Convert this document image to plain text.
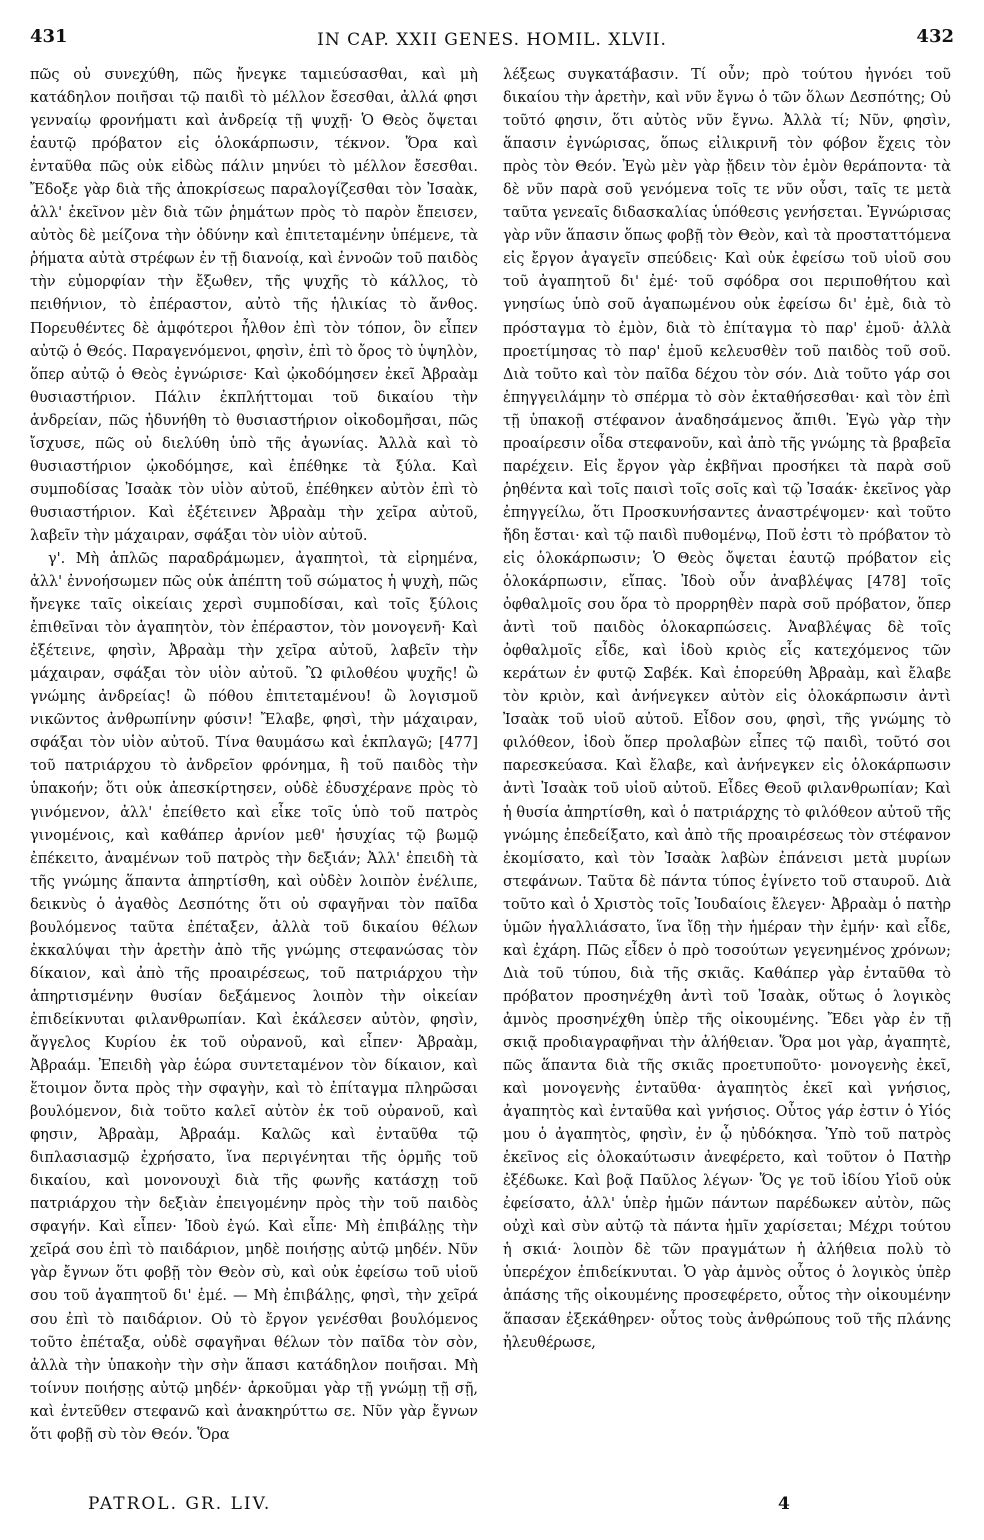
431	IN CAP. XXII GENES. HOMIL. XLVII.	432

πῶς οὐ συνεχύθη, πῶς ἤνεγκε ταμιεύσασθαι, καὶ μὴ κατάδηλον ποιῆσαι τῷ παιδὶ τὸ μέλλον ἔσεσθαι, ἀλλά φησι γενναίῳ φρονήματι καὶ ἀνδρείᾳ τῇ ψυχῇ· Ὁ Θεὸς ὄψεται ἑαυτῷ πρόβατον εἰς ὁλοκάρπωσιν, τέκνον. Ὅρα καὶ ἐνταῦθα πῶς οὐκ εἰδὼς πάλιν μηνύει τὸ μέλλον ἔσεσθαι. Ἔδοξε γὰρ διὰ τῆς ἀποκρίσεως παραλογίζεσθαι τὸν Ἰσαὰκ, ἀλλ' ἐκεῖνον μὲν διὰ τῶν ῥημάτων πρὸς τὸ παρὸν ἔπεισεν, αὐτὸς δὲ μείζονα τὴν ὀδύνην καὶ ἐπιτεταμένην ὑπέμενε, τὰ ῥήματα αὐτὰ στρέφων ἐν τῇ διανοίᾳ, καὶ ἐννοῶν τοῦ παιδὸς τὴν εὐμορφίαν τὴν ἔξωθεν, τῆς ψυχῆς τὸ κάλλος, τὸ πειθήνιον, τὸ ἐπέραστον, αὐτὸ τῆς ἡλικίας τὸ ἄνθος. Πορευθέντες δὲ ἀμφότεροι ἦλθον ἐπὶ τὸν τόπον, ὃν εἶπεν αὐτῷ ὁ Θεός. Παραγενόμενοι, φησὶν, ἐπὶ τὸ ὄρος τὸ ὑψηλὸν, ὅπερ αὐτῷ ὁ Θεὸς ἐγνώρισε· Καὶ ᾠκοδόμησεν ἐκεῖ Ἀβραὰμ θυσιαστήριον. Πάλιν ἐκπλήττομαι τοῦ δικαίου τὴν ἀνδρείαν, πῶς ἠδυνήθη τὸ θυσιαστήριον οἰκοδομῆσαι, πῶς ἴσχυσε, πῶς οὐ διελύθη ὑπὸ τῆς ἀγωνίας. Ἀλλὰ καὶ τὸ θυσιαστήριον ᾠκοδόμησε, καὶ ἐπέθηκε τὰ ξύλα. Καὶ συμποδίσας Ἰσαὰκ τὸν υἱὸν αὐτοῦ, ἐπέθηκεν αὐτὸν ἐπὶ τὸ θυσιαστήριον. Καὶ ἐξέτεινεν Ἀβραὰμ τὴν χεῖρα αὐτοῦ, λαβεῖν τὴν μάχαιραν, σφάξαι τὸν υἱὸν αὐτοῦ.

γ'. Μὴ ἁπλῶς παραδράμωμεν, ἀγαπητοὶ, τὰ εἰρημένα, ἀλλ' ἐννοήσωμεν πῶς οὐκ ἀπέπτη τοῦ σώματος ἡ ψυχὴ, πῶς ἤνεγκε ταῖς οἰκείαις χερσὶ συμποδίσαι, καὶ τοῖς ξύλοις ἐπιθεῖναι τὸν ἀγαπητὸν, τὸν ἐπέραστον, τὸν μονογενῆ· Καὶ ἐξέτεινε, φησὶν, Ἀβραὰμ τὴν χεῖρα αὐτοῦ, λαβεῖν τὴν μάχαιραν, σφάξαι τὸν υἱὸν αὐτοῦ. Ὢ φιλοθέου ψυχῆς! ὢ γνώμης ἀνδρείας! ὢ πόθου ἐπιτεταμένου! ὢ λογισμοῦ νικῶντος ἀνθρωπίνην φύσιν! Ἔλαβε, φησὶ, τὴν μάχαιραν, σφάξαι τὸν υἱὸν αὐτοῦ. Τίνα θαυμάσω καὶ ἐκπλαγῶ; [477] τοῦ πατριάρχου τὸ ἀνδρεῖον φρόνημα, ἢ τοῦ παιδὸς τὴν ὑπακοήν; ὅτι οὐκ ἀπεσκίρτησεν, οὐδὲ ἐδυσχέρανε πρὸς τὸ γινόμενον, ἀλλ' ἐπείθετο καὶ εἶκε τοῖς ὑπὸ τοῦ πατρὸς γινομένοις, καὶ καθάπερ ἀρνίον μεθ' ἡσυχίας τῷ βωμῷ ἐπέκειτο, ἀναμένων τοῦ πατρὸς τὴν δεξιάν; Ἀλλ' ἐπειδὴ τὰ τῆς γνώμης ἅπαντα ἀπηρτίσθη, καὶ οὐδὲν λοιπὸν ἐνέλιπε, δεικνὺς ὁ ἀγαθὸς Δεσπότης ὅτι οὐ σφαγῆναι τὸν παῖδα βουλόμενος ταῦτα ἐπέταξεν, ἀλλὰ τοῦ δικαίου θέλων ἐκκαλύψαι τὴν ἀρετὴν ἀπὸ τῆς γνώμης στεφανώσας τὸν δίκαιον, καὶ ἀπὸ τῆς προαιρέσεως, τοῦ πατριάρχου τὴν ἀπηρτισμένην θυσίαν δεξάμενος λοιπὸν τὴν οἰκείαν ἐπιδείκνυται φιλανθρωπίαν. Καὶ ἐκάλεσεν αὐτὸν, φησὶν, ἄγγελος Κυρίου ἐκ τοῦ οὐρανοῦ, καὶ εἶπεν· Ἀβραὰμ, Ἀβραάμ. Ἐπειδὴ γὰρ ἑώρα συντεταμένον τὸν δίκαιον, καὶ ἕτοιμον ὄντα πρὸς τὴν σφαγὴν, καὶ τὸ ἐπίταγμα πληρῶσαι βουλόμενον, διὰ τοῦτο καλεῖ αὐτὸν ἐκ τοῦ οὐρανοῦ, καὶ φησιν, Ἀβραὰμ, Ἀβραάμ. Καλῶς καὶ ἐνταῦθα τῷ διπλασιασμῷ ἐχρήσατο, ἵνα περιγένηται τῆς ὁρμῆς τοῦ δικαίου, καὶ μονονουχὶ διὰ τῆς φωνῆς κατάσχῃ τοῦ πατριάρχου τὴν δεξιὰν ἐπειγομένην πρὸς τὴν τοῦ παιδὸς σφαγήν. Καὶ εἶπεν· Ἰδοὺ ἐγώ. Καὶ εἶπε· Μὴ ἐπιβάλῃς τὴν χεῖρά σου ἐπὶ τὸ παιδάριον, μηδὲ ποιήσῃς αὐτῷ μηδέν. Νῦν γὰρ ἔγνων ὅτι φοβῇ τὸν Θεὸν σὺ, καὶ οὐκ ἐφείσω τοῦ υἱοῦ σου τοῦ ἀγαπητοῦ δι' ἐμέ. — Μὴ ἐπιβάλῃς, φησὶ, τὴν χεῖρά σου ἐπὶ τὸ παιδάριον. Οὐ τὸ ἔργον γενέσθαι βουλόμενος τοῦτο ἐπέταξα, οὐδὲ σφαγῆναι θέλων τὸν παῖδα τὸν σὸν, ἀλλὰ τὴν ὑπακοὴν τὴν σὴν ἅπασι κατάδηλον ποιῆσαι. Μὴ τοίνυν ποιήσῃς αὐτῷ μηδέν· ἀρκοῦμαι γὰρ τῇ γνώμῃ τῇ σῇ, καὶ ἐντεῦθεν στεφανῶ καὶ ἀνακηρύττω σε. Νῦν γὰρ ἔγνων ὅτι φοβῇ σὺ τὸν Θεόν. Ὅρα

λέξεως συγκατάβασιν. Τί οὖν; πρὸ τούτου ἠγνόει τοῦ δικαίου τὴν ἀρετὴν, καὶ νῦν ἔγνω ὁ τῶν ὅλων Δεσπότης; Οὐ τοῦτό φησιν, ὅτι αὐτὸς νῦν ἔγνω. Ἀλλὰ τί; Νῦν, φησὶν, ἅπασιν ἐγνώρισας, ὅπως εἰλικρινῆ τὸν φόβον ἔχεις τὸν πρὸς τὸν Θεόν. Ἐγὼ μὲν γὰρ ᾔδειν τὸν ἐμὸν θεράποντα· τὰ δὲ νῦν παρὰ σοῦ γενόμενα τοῖς τε νῦν οὖσι, ταῖς τε μετὰ ταῦτα γενεαῖς διδασκαλίας ὑπόθεσις γενήσεται. Ἐγνώρισας γὰρ νῦν ἅπασιν ὅπως φοβῇ τὸν Θεὸν, καὶ τὰ προσταττόμενα εἰς ἔργον ἀγαγεῖν σπεύδεις· Καὶ οὐκ ἐφείσω τοῦ υἱοῦ σου τοῦ ἀγαπητοῦ δι' ἐμέ· τοῦ σφόδρα σοι περιποθήτου καὶ γνησίως ὑπὸ σοῦ ἀγαπωμένου οὐκ ἐφείσω δι' ἐμὲ, διὰ τὸ πρόσταγμα τὸ ἐμὸν, διὰ τὸ ἐπίταγμα τὸ παρ' ἐμοῦ· ἀλλὰ προετίμησας τὸ παρ' ἐμοῦ κελευσθὲν τοῦ παιδὸς τοῦ σοῦ. Διὰ τοῦτο καὶ τὸν παῖδα δέχου τὸν σόν. Διὰ τοῦτο γάρ σοι ἐπηγγειλάμην τὸ σπέρμα τὸ σὸν ἐκταθήσεσθαι· καὶ τὸν ἐπὶ τῇ ὑπακοῇ στέφανον ἀναδησάμενος ἄπιθι. Ἐγὼ γὰρ τὴν προαίρεσιν οἶδα στεφανοῦν, καὶ ἀπὸ τῆς γνώμης τὰ βραβεῖα παρέχειν. Εἰς ἔργον γὰρ ἐκβῆναι προσήκει τὰ παρὰ σοῦ ῥηθέντα καὶ τοῖς παισὶ τοῖς σοῖς καὶ τῷ Ἰσαάκ· ἐκεῖνος γὰρ ἐπηγγείλω, ὅτι Προσκυνήσαντες ἀναστρέψομεν· καὶ τοῦτο ἤδη ἔσται· καὶ τῷ παιδὶ πυθομένῳ, Ποῦ ἐστι τὸ πρόβατον τὸ εἰς ὁλοκάρπωσιν; Ὁ Θεὸς ὄψεται ἑαυτῷ πρόβατον εἰς ὁλοκάρπωσιν, εἴπας. Ἰδοὺ οὖν ἀναβλέψας [478] τοῖς ὀφθαλμοῖς σου ὅρα τὸ προρρηθὲν παρὰ σοῦ πρόβατον, ὅπερ ἀντὶ τοῦ παιδὸς ὁλοκαρπώσεις. Ἀναβλέψας δὲ τοῖς ὀφθαλμοῖς εἶδε, καὶ ἰδοὺ κριὸς εἷς κατεχόμενος τῶν κεράτων ἐν φυτῷ Σαβέκ. Καὶ ἐπορεύθη Ἀβραὰμ, καὶ ἔλαβε τὸν κριὸν, καὶ ἀνήνεγκεν αὐτὸν εἰς ὁλοκάρπωσιν ἀντὶ Ἰσαὰκ τοῦ υἱοῦ αὐτοῦ. Εἶδον σου, φησὶ, τῆς γνώμης τὸ φιλόθεον, ἰδοὺ ὅπερ προλαβὼν εἶπες τῷ παιδὶ, τοῦτό σοι παρεσκεύασα. Καὶ ἔλαβε, καὶ ἀνήνεγκεν εἰς ὁλοκάρπωσιν ἀντὶ Ἰσαὰκ τοῦ υἱοῦ αὐτοῦ. Εἶδες Θεοῦ φιλανθρωπίαν; Καὶ ἡ θυσία ἀπηρτίσθη, καὶ ὁ πατριάρχης τὸ φιλόθεον αὐτοῦ τῆς γνώμης ἐπεδείξατο, καὶ ἀπὸ τῆς προαιρέσεως τὸν στέφανον ἐκομίσατο, καὶ τὸν Ἰσαὰκ λαβὼν ἐπάνεισι μετὰ μυρίων στεφάνων. Ταῦτα δὲ πάντα τύπος ἐγίνετο τοῦ σταυροῦ. Διὰ τοῦτο καὶ ὁ Χριστὸς τοῖς Ἰουδαίοις ἔλεγεν· Ἀβραὰμ ὁ πατὴρ ὑμῶν ἠγαλλιάσατο, ἵνα ἴδῃ τὴν ἡμέραν τὴν ἐμήν· καὶ εἶδε, καὶ ἐχάρη. Πῶς εἶδεν ὁ πρὸ τοσούτων γεγενημένος χρόνων; Διὰ τοῦ τύπου, διὰ τῆς σκιᾶς. Καθάπερ γὰρ ἐνταῦθα τὸ πρόβατον προσηνέχθη ἀντὶ τοῦ Ἰσαὰκ, οὕτως ὁ λογικὸς ἀμνὸς προσηνέχθη ὑπὲρ τῆς οἰκουμένης. Ἔδει γὰρ ἐν τῇ σκιᾷ προδιαγραφῆναι τὴν ἀλήθειαν. Ὅρα μοι γὰρ, ἀγαπητὲ, πῶς ἅπαντα διὰ τῆς σκιᾶς προετυποῦτο· μονογενὴς ἐκεῖ, καὶ μονογενὴς ἐνταῦθα· ἀγαπητὸς ἐκεῖ καὶ γνήσιος, ἀγαπητὸς καὶ ἐνταῦθα καὶ γνήσιος. Οὗτος γάρ ἐστιν ὁ Υἱός μου ὁ ἀγαπητὸς, φησὶν, ἐν ᾧ ηὐδόκησα. Ὑπὸ τοῦ πατρὸς ἐκεῖνος εἰς ὁλοκαύτωσιν ἀνεφέρετο, καὶ τοῦτον ὁ Πατὴρ ἐξέδωκε. Καὶ βοᾷ Παῦλος λέγων· Ὅς γε τοῦ ἰδίου Υἱοῦ οὐκ ἐφείσατο, ἀλλ' ὑπὲρ ἡμῶν πάντων παρέδωκεν αὐτὸν, πῶς οὐχὶ καὶ σὺν αὐτῷ τὰ πάντα ἡμῖν χαρίσεται; Μέχρι τούτου ἡ σκιά· λοιπὸν δὲ τῶν πραγμάτων ἡ ἀλήθεια πολὺ τὸ ὑπερέχον ἐπιδείκνυται. Ὁ γὰρ ἀμνὸς οὗτος ὁ λογικὸς ὑπὲρ ἁπάσης τῆς οἰκουμένης προσεφέρετο, οὗτος τὴν οἰκουμένην ἅπασαν ἐξεκάθηρεν· οὗτος τοὺς ἀνθρώπους τοῦ τῆς πλάνης ἠλευθέρωσε,

PATROL. GR. LIV.	4
